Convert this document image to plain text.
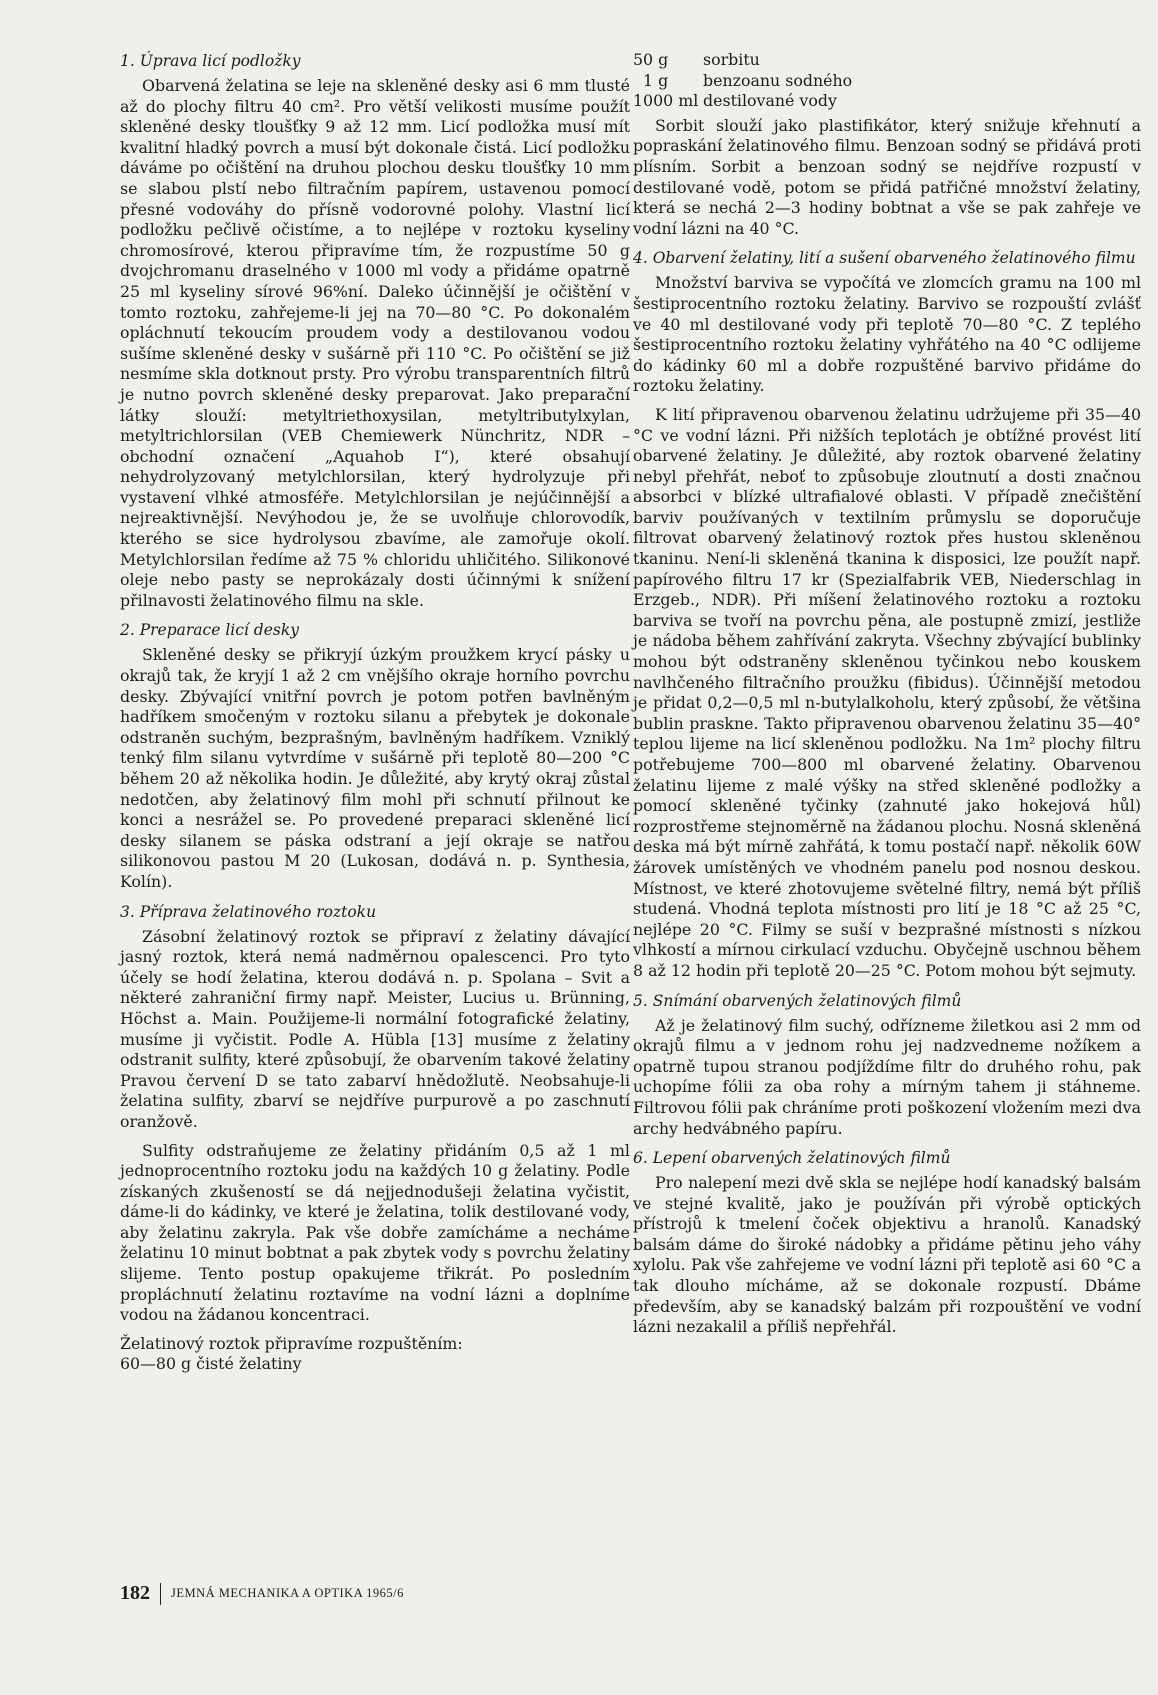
1. Úprava licí podložky

Obarvená želatina se leje na skleněné desky asi 6 mm tlusté až do plochy filtru 40 cm². Pro větší velikosti musíme použít skleněné desky tloušťky 9 až 12 mm. Licí podložka musí mít kvalitní hladký povrch a musí být dokonale čistá. Licí podložku dáváme po očištění na druhou plochou desku tloušťky 10 mm se slabou plstí nebo filtračním papírem, ustavenou pomocí přesné vodováhy do přísně vodorovné polohy. Vlastní licí podložku pečlivě očistíme, a to nejlépe v roztoku kyseliny chromosírové, kterou připravíme tím, že rozpustíme 50 g dvojchromanu draselného v 1000 ml vody a přidáme opatrně 25 ml kyseliny sírové 96%ní. Daleko účinnější je očištění v tomto roztoku, zahřejeme-li jej na 70—80 °C. Po dokonalém opláchnutí tekoucím proudem vody a destilovanou vodou sušíme skleněné desky v sušárně při 110 °C. Po očištění se již nesmíme skla dotknout prsty. Pro výrobu transparentních filtrů je nutno povrch skleněné desky preparovat. Jako preparační látky slouží: metyltriethoxysilan, metyltributylxylan, metyltrichlorsilan (VEB Chemiewerk Nünchritz, NDR – obchodní označení „Aquahob I“), které obsahují nehydrolyzovaný metylchlorsilan, který hydrolyzuje při vystavení vlhké atmosféře. Metylchlorsilan je nejúčinnější a nejreaktivnější. Nevýhodou je, že se uvolňuje chlorovodík, kterého se sice hydrolysou zbavíme, ale zamořuje okolí. Metylchlorsilan ředíme až 75 % chloridu uhličitého. Silikonové oleje nebo pasty se neprokázaly dosti účinnými k snížení přilnavosti želatinového filmu na skle.

2. Preparace licí desky

Skleněné desky se přikryjí úzkým proužkem krycí pásky u okrajů tak, že kryjí 1 až 2 cm vnějšího okraje horního povrchu desky. Zbývající vnitřní povrch je potom potřen bavlněným hadříkem smočeným v roztoku silanu a přebytek je dokonale odstraněn suchým, bezprašným, bavlněným hadříkem. Vzniklý tenký film silanu vytvrdíme v sušárně při teplotě 80—200 °C během 20 až několika hodin. Je důležité, aby krytý okraj zůstal nedotčen, aby želatinový film mohl při schnutí přilnout ke konci a nesrážel se. Po provedené preparaci skleněné licí desky silanem se páska odstraní a její okraje se natřou silikonovou pastou M 20 (Lukosan, dodává n. p. Synthesia, Kolín).

3. Příprava želatinového roztoku

Zásobní želatinový roztok se připraví z želatiny dávající jasný roztok, která nemá nadměrnou opalescenci. Pro tyto účely se hodí želatina, kterou dodává n. p. Spolana – Svit a některé zahraniční firmy např. Meister, Lucius u. Brünning, Höchst a. Main. Použijeme-li normální fotografické želatiny, musíme ji vyčistit. Podle A. Hübla [13] musíme z želatiny odstranit sulfity, které způsobují, že obarvením takové želatiny Pravou červení D se tato zabarví hnědožlutě. Neobsahuje-li želatina sulfity, zbarví se nejdříve purpurově a po zaschnutí oranžově.

Sulfity odstraňujeme ze želatiny přidáním 0,5 až 1 ml jednoprocentního roztoku jodu na každých 10 g želatiny. Podle získaných zkušeností se dá nejjednodušeji želatina vyčistit, dáme-li do kádinky, ve které je želatina, tolik destilované vody, aby želatinu zakryla. Pak vše dobře zamícháme a necháme želatinu 10 minut bobtnat a pak zbytek vody s povrchu želatiny slijeme. Tento postup opakujeme třikrát. Po posledním propláchnutí želatinu roztavíme na vodní lázni a doplníme vodou na žádanou koncentraci.

Želatinový roztok připravíme rozpuštěním:

60—80 g čisté želatiny

50 g	sorbitu
1 g	benzoanu sodného
1000 ml destilované vody

Sorbit slouží jako plastifikátor, který snižuje křehnutí a popraskání želatinového filmu. Benzoan sodný se přidává proti plísním. Sorbit a benzoan sodný se nejdříve rozpustí v destilované vodě, potom se přidá patřičné množství želatiny, která se nechá 2—3 hodiny bobtnat a vše se pak zahřeje ve vodní lázni na 40 °C.

4. Obarvení želatiny, lití a sušení obarveného želatinového filmu

Množství barviva se vypočítá ve zlomcích gramu na 100 ml šestiprocentního roztoku želatiny. Barvivo se rozpouští zvlášť ve 40 ml destilované vody při teplotě 70—80 °C. Z teplého šestiprocentního roztoku želatiny vyhřátého na 40 °C odlijeme do kádinky 60 ml a dobře rozpuštěné barvivo přidáme do roztoku želatiny.

K lití připravenou obarvenou želatinu udržujeme při 35—40 °C ve vodní lázni. Při nižších teplotách je obtížné provést lití obarvené želatiny. Je důležité, aby roztok obarvené želatiny nebyl přehřát, neboť to způsobuje zloutnutí a dosti značnou absorbci v blízké ultrafialové oblasti. V případě znečištění barviv používaných v textilním průmyslu se doporučuje filtrovat obarvený želatinový roztok přes hustou skleněnou tkaninu. Není-li skleněná tkanina k disposici, lze použít např. papírového filtru 17 kr (Spezialfabrik VEB, Niederschlag in Erzgeb., NDR). Při míšení želatinového roztoku a roztoku barviva se tvoří na povrchu pěna, ale postupně zmizí, jestliže je nádoba během zahřívání zakryta. Všechny zbývající bublinky mohou být odstraněny skleněnou tyčinkou nebo kouskem navlhčeného filtračního proužku (fibidus). Účinnější metodou je přidat 0,2—0,5 ml n-butylalkoholu, který způsobí, že většina bublin praskne. Takto připravenou obarvenou želatinu 35—40° teplou lijeme na licí skleněnou podložku. Na 1m² plochy filtru potřebujeme 700—800 ml obarvené želatiny. Obarvenou želatinu lijeme z malé výšky na střed skleněné podložky a pomocí skleněné tyčinky (zahnuté jako hokejová hůl) rozprostřeme stejnoměrně na žádanou plochu. Nosná skleněná deska má být mírně zahřátá, k tomu postačí např. několik 60W žárovek umístěných ve vhodném panelu pod nosnou deskou. Místnost, ve které zhotovujeme světelné filtry, nemá být příliš studená. Vhodná teplota místnosti pro lití je 18 °C až 25 °C, nejlépe 20 °C. Filmy se suší v bezprašné místnosti s nízkou vlhkostí a mírnou cirkulací vzduchu. Obyčejně uschnou během 8 až 12 hodin při teplotě 20—25 °C. Potom mohou být sejmuty.

5. Snímání obarvených želatinových filmů

Až je želatinový film suchý, odřízneme žiletkou asi 2 mm od okrajů filmu a v jednom rohu jej nadzvedneme nožíkem a opatrně tupou stranou podjíždíme filtr do druhého rohu, pak uchopíme fólii za oba rohy a mírným tahem ji stáhneme. Filtrovou fólii pak chráníme proti poškození vložením mezi dva archy hedvábného papíru.

6. Lepení obarvených želatinových filmů

Pro nalepení mezi dvě skla se nejlépe hodí kanadský balsám ve stejné kvalitě, jako je používán při výrobě optických přístrojů k tmelení čoček objektivu a hranolů. Kanadský balsám dáme do široké nádobky a přidáme pětinu jeho váhy xylolu. Pak vše zahřejeme ve vodní lázni při teplotě asi 60 °C a tak dlouho mícháme, až se dokonale rozpustí. Dbáme především, aby se kanadský balzám při rozpouštění ve vodní lázni nezakalil a příliš nepřehřál.

182 JEMNÁ MECHANIKA A OPTIKA 1965/6
